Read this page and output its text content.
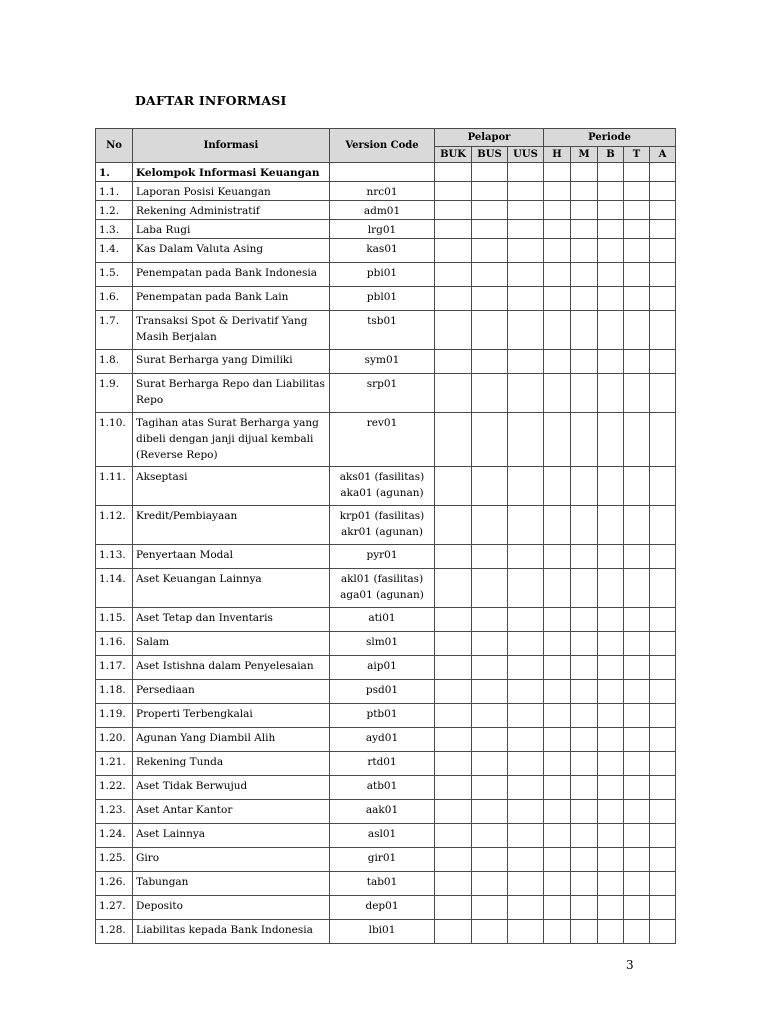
DAFTAR INFORMASI
No	Informasi	Version Code	Pelapor			Periode				
			BUK	BUS	UUS	H	M	B	T	A
1.	Kelompok Informasi Keuangan									

1.1.	Laporan Posisi Keuangan	nrc01								

1.2.	Rekening Administratif	adm01								

1.3.	Laba Rugi	lrg01								

1.4.	Kas Dalam Valuta Asing	kas01								

1.5.	Penempatan pada Bank Indonesia	pbi01								

1.6.	Penempatan pada Bank Lain	pbl01								

1.7.	Transaksi Spot & Derivatif Yang
Masih Berjalan	tsb01								

1.8.	Surat Berharga yang Dimiliki	sym01								

1.9.	Surat Berharga Repo dan Liabilitas
Repo	srp01								

1.10.	Tagihan atas Surat Berharga yang
dibeli dengan janji dijual kembali
(Reverse Repo)	rev01								

1.11.	Akseptasi	aks01 (fasilitas)
aka01 (agunan)								

1.12.	Kredit/Pembiayaan	krp01 (fasilitas)
akr01 (agunan)								

1.13.	Penyertaan Modal	pyr01								

1.14.	Aset Keuangan Lainnya	akl01 (fasilitas)
aga01 (agunan)								

1.15.	Aset Tetap dan Inventaris	ati01								

1.16.	Salam	slm01								

1.17.	Aset Istishna dalam Penyelesaian	aip01								

1.18.	Persediaan	psd01								

1.19.	Properti Terbengkalai	ptb01								

1.20.	Agunan Yang Diambil Alih	ayd01								

1.21.	Rekening Tunda	rtd01								

1.22.	Aset Tidak Berwujud	atb01								

1.23.	Aset Antar Kantor	aak01								

1.24.	Aset Lainnya	asl01								

1.25.	Giro	gir01								

1.26.	Tabungan	tab01								

1.27.	Deposito	dep01								

1.28.	Liabilitas kepada Bank Indonesia	lbi01								

3
